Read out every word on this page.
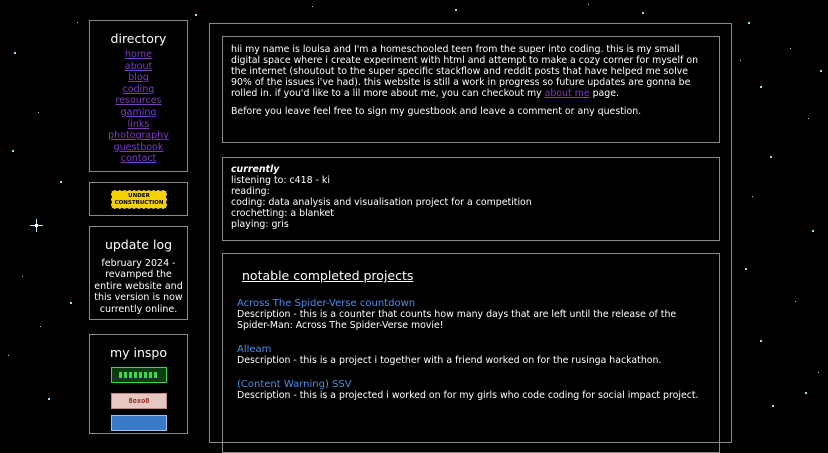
directory
home
about
blog
coding
resources
gaming
links
photography
guestbook
contact
UNDER CONSTRUCTION
update log
february 2024 - revamped the entire website and this version is now currently online.
my inspo
8oxo8
hii my name is louisa and I'm a homeschooled teen from the super into coding. this is my small digital space where i create experiment with html and attempt to make a cozy corner for myself on the internet (shoutout to the super specific stackflow and reddit posts that have helped me solve 90% of the issues i've had). this website is still a work in progress so future updates are gonna be rolled in. if you'd like to a lil more about me, you can checkout my about me page.
Before you leave feel free to sign my guestbook and leave a comment or any question.
currently
listening to: c418 - ki
reading:
coding: data analysis and visualisation project for a competition
crochetting: a blanket
playing: gris
notable completed projects
Across The Spider-Verse countdown
Description - this is a counter that counts how many days that are left until the release of the Spider-Man: Across The Spider-Verse movie!
Alleam
Description - this is a project i together with a friend worked on for the rusinga hackathon.
(Content Warning) SSV
Description - this is a projected i worked on for my girls who code coding for social impact project.
